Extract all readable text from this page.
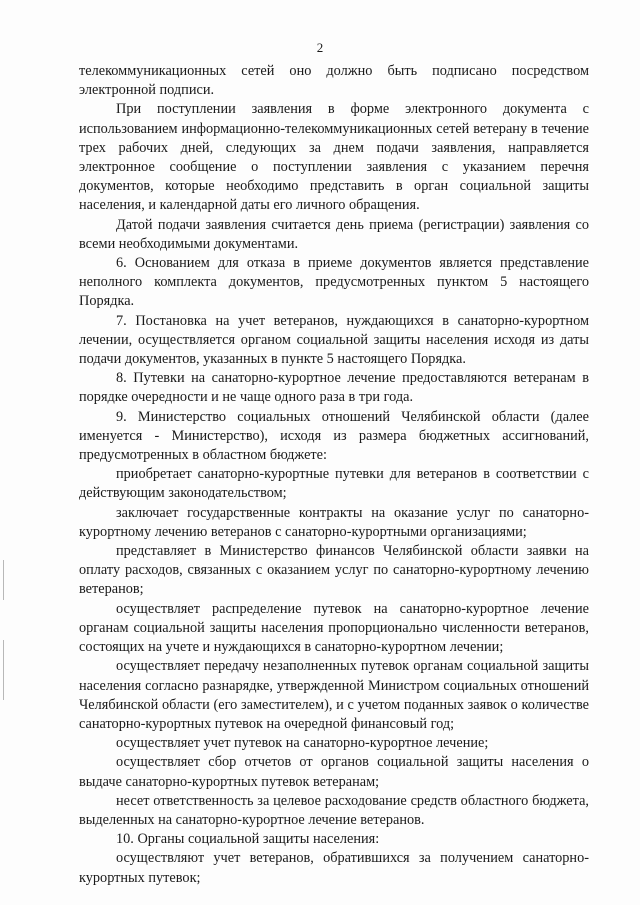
2

телекоммуникационных сетей оно должно быть подписано посредством электронной подписи.

При поступлении заявления в форме электронного документа с использованием информационно-телекоммуникационных сетей ветерану в течение трех рабочих дней, следующих за днем подачи заявления, направляется электронное сообщение о поступлении заявления с указанием перечня документов, которые необходимо представить в орган социальной защиты населения, и календарной даты его личного обращения.

Датой подачи заявления считается день приема (регистрации) заявления со всеми необходимыми документами.

6. Основанием для отказа в приеме документов является представление неполного комплекта документов, предусмотренных пунктом 5 настоящего Порядка.

7. Постановка на учет ветеранов, нуждающихся в санаторно-курортном лечении, осуществляется органом социальной защиты населения исходя из даты подачи документов, указанных в пункте 5 настоящего Порядка.

8. Путевки на санаторно-курортное лечение предоставляются ветеранам в порядке очередности и не чаще одного раза в три года.

9. Министерство социальных отношений Челябинской области (далее именуется - Министерство), исходя из размера бюджетных ассигнований, предусмотренных в областном бюджете:

приобретает санаторно-курортные путевки для ветеранов в соответствии с действующим законодательством;

заключает государственные контракты на оказание услуг по санаторно-курортному лечению ветеранов с санаторно-курортными организациями;

представляет в Министерство финансов Челябинской области заявки на оплату расходов, связанных с оказанием услуг по санаторно-курортному лечению ветеранов;

осуществляет распределение путевок на санаторно-курортное лечение органам социальной защиты населения пропорционально численности ветеранов, состоящих на учете и нуждающихся в санаторно-курортном лечении;

осуществляет передачу незаполненных путевок органам социальной защиты населения согласно разнарядке, утвержденной Министром социальных отношений Челябинской области (его заместителем), и с учетом поданных заявок о количестве санаторно-курортных путевок на очередной финансовый год;

осуществляет учет путевок на санаторно-курортное лечение;

осуществляет сбор отчетов от органов социальной защиты населения о выдаче санаторно-курортных путевок ветеранам;

несет ответственность за целевое расходование средств областного бюджета, выделенных на санаторно-курортное лечение ветеранов.

10. Органы социальной защиты населения:

осуществляют учет ветеранов, обратившихся за получением санаторно-курортных путевок;
